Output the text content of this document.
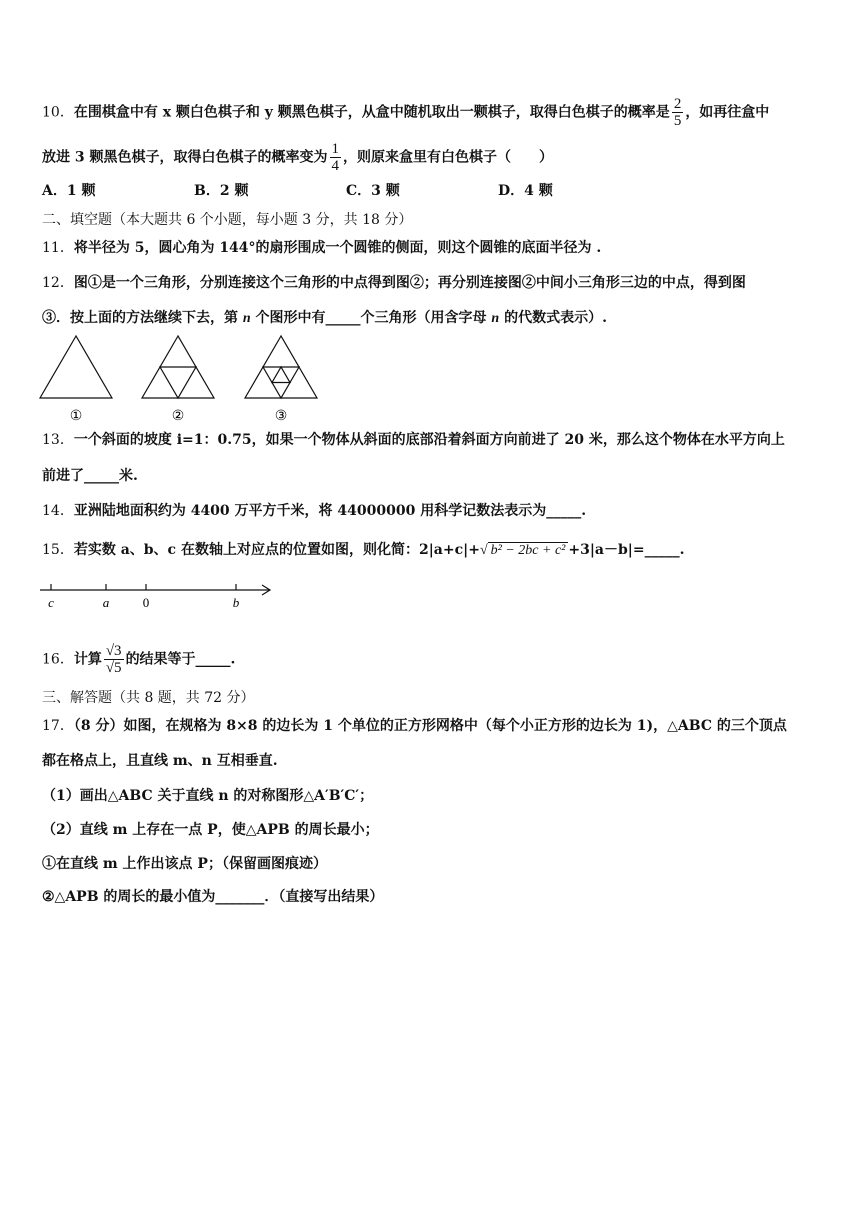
10．在围棋盒中有 x 颗白色棋子和 y 颗黑色棋子，从盒中随机取出一颗棋子，取得白色棋子的概率是 $\frac{2}{5}$ ，如再往盒中
放进 3 颗黑色棋子，取得白色棋子的概率变为 $\frac{1}{4}$ ，则原来盒里有白色棋子（　　）
A．1 颗	B．2 颗	C．3 颗	D．4 颗
二、填空题（本大题共 6 个小题，每小题 3 分，共 18 分）
11．将半径为 5，圆心角为 144°的扇形围成一个圆锥的侧面，则这个圆锥的底面半径为 .
12．图①是一个三角形，分别连接这个三角形的中点得到图②；再分别连接图②中间小三角形三边的中点，得到图
③．按上面的方法继续下去，第 n 个图形中有_____个三角形（用含字母 n 的代数式表示）.
①	②	③
13．一个斜面的坡度 i=1：0.75，如果一个物体从斜面的底部沿着斜面方向前进了 20 米，那么这个物体在水平方向上
前进了_____米.
14．亚洲陆地面积约为 4400 万平方千米，将 44000000 用科学记数法表示为_____.
15．若实数 a、b、c 在数轴上对应点的位置如图，则化简：2|a+c|+√ b² − 2bc + c² +3|a－b|=_____.
c	a	0	b
16．计算 $\frac{√3}{√5}$ 的结果等于_____.
三、解答题（共 8 题，共 72 分）
17．（8 分）如图，在规格为 8×8 的边长为 1 个单位的正方形网格中（每个小正方形的边长为 1)，△ABC 的三个顶点
都在格点上，且直线 m、n 互相垂直.
（1）画出△ABC 关于直线 n 的对称图形△A′B′C′；
（2）直线 m 上存在一点 P，使△APB 的周长最小；
①在直线 m 上作出该点 P；（保留画图痕迹）
②△APB 的周长的最小值为_______．（直接写出结果）
